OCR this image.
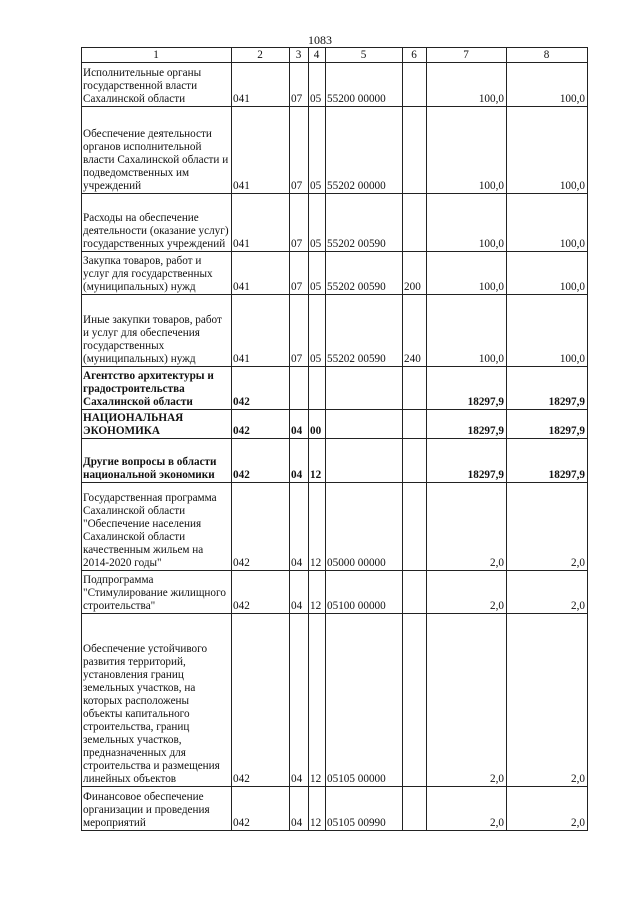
1083
1	2	3	4	5	6	7	8
Исполнительные органы государственной власти Сахалинской области	041	07	05	55200 00000		100,0	100,0
Обеспечение деятельности органов исполнительной власти Сахалинской области и подведомственных им учреждений	041	07	05	55202 00000		100,0	100,0
Расходы на обеспечение деятельности (оказание услуг) государственных учреждений	041	07	05	55202 00590		100,0	100,0
Закупка товаров, работ и услуг для государственных (муниципальных) нужд	041	07	05	55202 00590	200	100,0	100,0
Иные закупки товаров, работ и услуг для обеспечения государственных (муниципальных) нужд	041	07	05	55202 00590	240	100,0	100,0
Агентство архитектуры и градостроительства Сахалинской области	042					18297,9	18297,9
НАЦИОНАЛЬНАЯ ЭКОНОМИКА	042	04	00			18297,9	18297,9
Другие вопросы в области национальной экономики	042	04	12			18297,9	18297,9
Государственная программа Сахалинской области "Обеспечение населения Сахалинской области качественным жильем на 2014-2020 годы"	042	04	12	05000 00000		2,0	2,0
Подпрограмма "Стимулирование жилищного строительства"	042	04	12	05100 00000		2,0	2,0
Обеспечение устойчивого развития территорий, установления границ земельных участков, на которых расположены объекты капитального строительства, границ земельных участков, предназначенных для строительства и размещения линейных объектов	042	04	12	05105 00000		2,0	2,0
Финансовое обеспечение организации и проведения мероприятий	042	04	12	05105 00990		2,0	2,0
